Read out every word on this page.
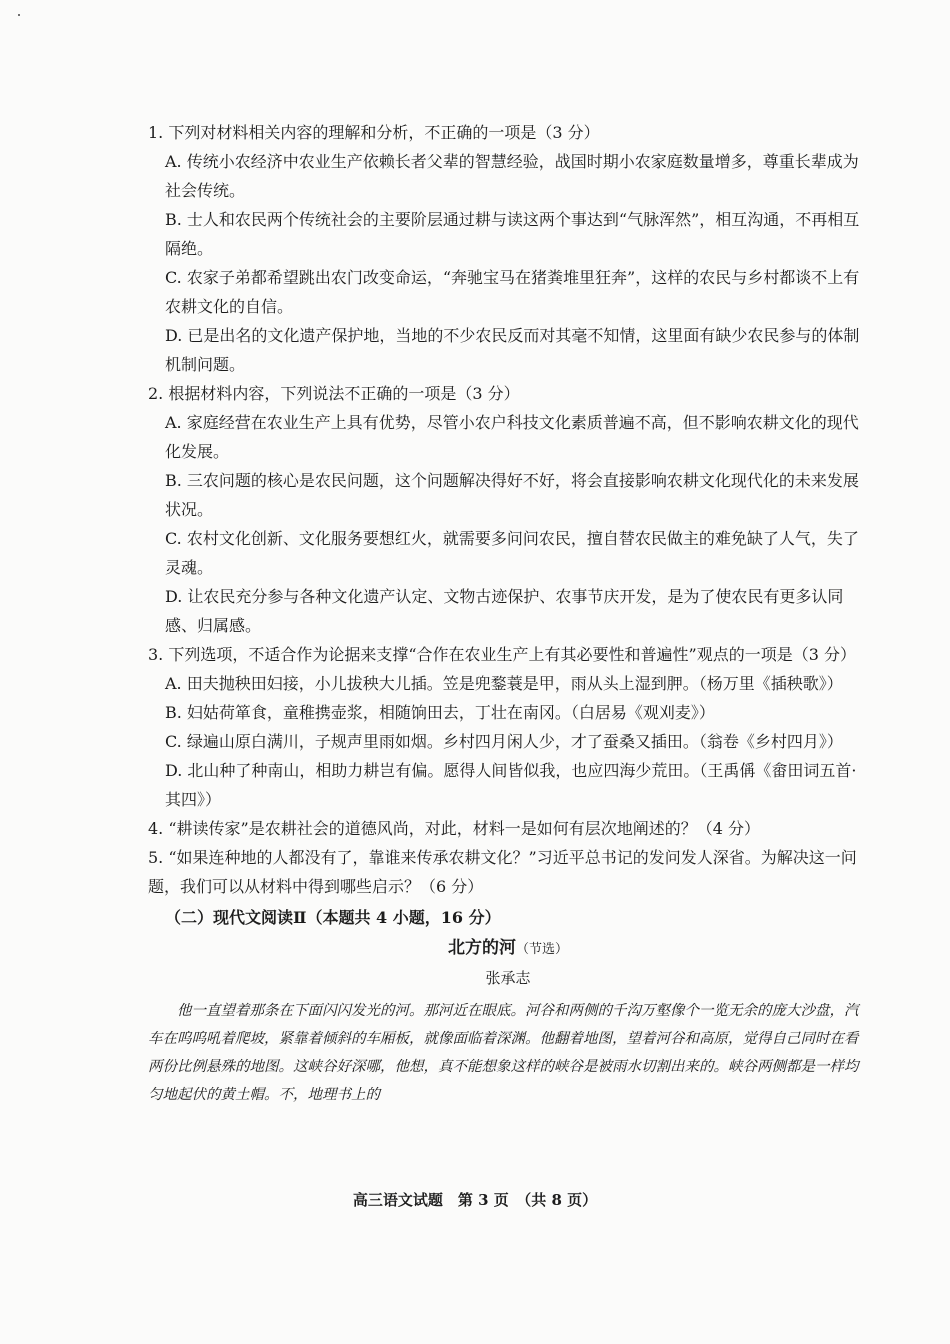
1. 下列对材料相关内容的理解和分析，不正确的一项是（3 分）

A. 传统小农经济中农业生产依赖长者父辈的智慧经验，战国时期小农家庭数量增多，尊重长辈成为社会传统。

B. 士人和农民两个传统社会的主要阶层通过耕与读这两个事达到“气脉浑然”，相互沟通，不再相互隔绝。

C. 农家子弟都希望跳出农门改变命运，“奔驰宝马在猪粪堆里狂奔”，这样的农民与乡村都谈不上有农耕文化的自信。

D. 已是出名的文化遗产保护地，当地的不少农民反而对其毫不知情，这里面有缺少农民参与的体制机制问题。

2. 根据材料内容，下列说法不正确的一项是（3 分）

A. 家庭经营在农业生产上具有优势，尽管小农户科技文化素质普遍不高，但不影响农耕文化的现代化发展。

B. 三农问题的核心是农民问题，这个问题解决得好不好，将会直接影响农耕文化现代化的未来发展状况。

C. 农村文化创新、文化服务要想红火，就需要多问问农民，擅自替农民做主的难免缺了人气，失了灵魂。

D. 让农民充分参与各种文化遗产认定、文物古迹保护、农事节庆开发，是为了使农民有更多认同感、归属感。

3. 下列选项，不适合作为论据来支撑“合作在农业生产上有其必要性和普遍性”观点的一项是（3 分）

A. 田夫抛秧田妇接，小儿拔秧大儿插。笠是兜鍪蓑是甲，雨从头上湿到胛。（杨万里《插秧歌》）

B. 妇姑荷箪食，童稚携壶浆，相随饷田去，丁壮在南冈。（白居易《观刈麦》）

C. 绿遍山原白满川，子规声里雨如烟。乡村四月闲人少，才了蚕桑又插田。（翁卷《乡村四月》）

D. 北山种了种南山，相助力耕岂有偏。愿得人间皆似我，也应四海少荒田。（王禹偁《畲田词五首·其四》）

4. “耕读传家”是农耕社会的道德风尚，对此，材料一是如何有层次地阐述的？（4 分）

5. “如果连种地的人都没有了，靠谁来传承农耕文化？”习近平总书记的发问发人深省。为解决这一问题，我们可以从材料中得到哪些启示？（6 分）

（二）现代文阅读Ⅱ（本题共 4 小题，16 分）

北方的河（节选）
张承志

他一直望着那条在下面闪闪发光的河。那河近在眼底。河谷和两侧的千沟万壑像个一览无余的庞大沙盘，汽车在呜呜吼着爬坡，紧靠着倾斜的车厢板，就像面临着深渊。他翻着地图，望着河谷和高原，觉得自己同时在看两份比例悬殊的地图。这峡谷好深哪，他想，真不能想象这样的峡谷是被雨水切割出来的。峡谷两侧都是一样均匀地起伏的黄土帽。不，地理书上的

高三语文试题　第 3 页　（共 8 页）
